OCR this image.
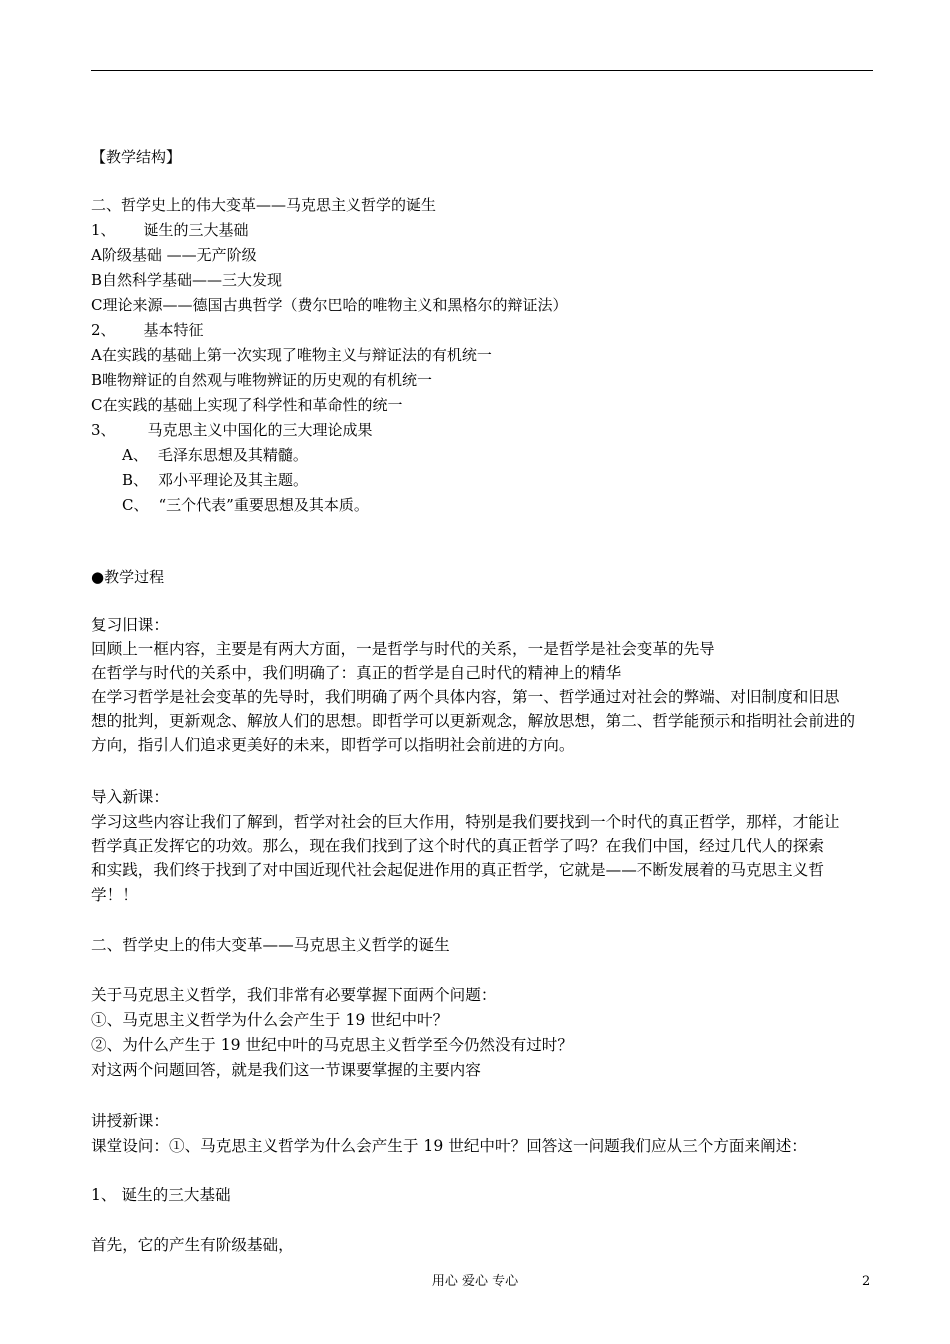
【教学结构】
二、哲学史上的伟大变革——马克思主义哲学的诞生
1、 诞生的三大基础
A阶级基础 ——无产阶级
B自然科学基础——三大发现
C理论来源——德国古典哲学（费尔巴哈的唯物主义和黑格尔的辩证法）
2、 基本特征
A在实践的基础上第一次实现了唯物主义与辩证法的有机统一
B唯物辩证的自然观与唯物辨证的历史观的有机统一
C在实践的基础上实现了科学性和革命性的统一
3、 马克思主义中国化的三大理论成果
A、 毛泽东思想及其精髓。
B、 邓小平理论及其主题。
C、 “三个代表”重要思想及其本质。
●教学过程
复习旧课：
回顾上一框内容，主要是有两大方面，一是哲学与时代的关系，一是哲学是社会变革的先导
在哲学与时代的关系中，我们明确了：真正的哲学是自己时代的精神上的精华
在学习哲学是社会变革的先导时，我们明确了两个具体内容，第一、哲学通过对社会的弊端、对旧制度和旧思
想的批判，更新观念、解放人们的思想。即哲学可以更新观念，解放思想，第二、哲学能预示和指明社会前进的
方向，指引人们追求更美好的未来，即哲学可以指明社会前进的方向。
导入新课：
学习这些内容让我们了解到，哲学对社会的巨大作用，特别是我们要找到一个时代的真正哲学，那样，才能让
哲学真正发挥它的功效。那么，现在我们找到了这个时代的真正哲学了吗？在我们中国，经过几代人的探索
和实践，我们终于找到了对中国近现代社会起促进作用的真正哲学，它就是——不断发展着的马克思主义哲
学！！
二、哲学史上的伟大变革——马克思主义哲学的诞生
关于马克思主义哲学，我们非常有必要掌握下面两个问题：
①、马克思主义哲学为什么会产生于 19 世纪中叶？
②、为什么产生于 19 世纪中叶的马克思主义哲学至今仍然没有过时？
对这两个问题回答，就是我们这一节课要掌握的主要内容
讲授新课：
课堂设问：①、马克思主义哲学为什么会产生于 19 世纪中叶？回答这一问题我们应从三个方面来阐述：
1、 诞生的三大基础
首先，它的产生有阶级基础，
用心 爱心 专心	2
